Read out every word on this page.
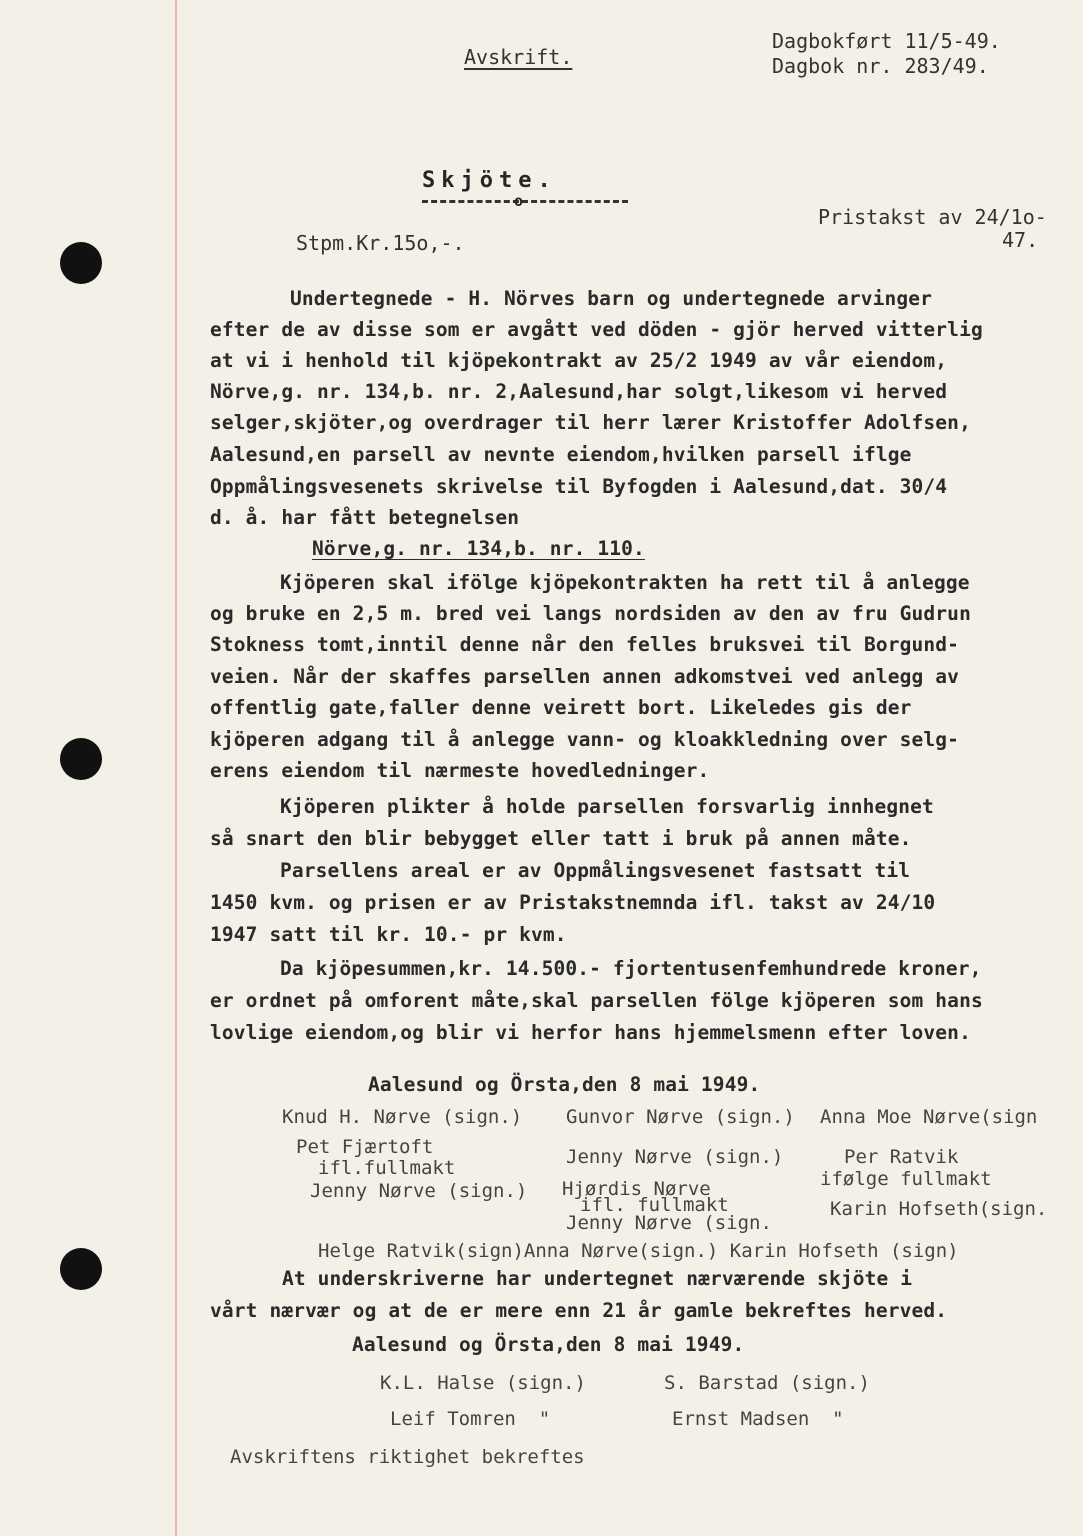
Avskrift.
Dagbokført 11/5-49.
Dagbok nr. 283/49.
Skjöte.
o
Pristakst av 24/1o-
47.
Stpm.Kr.15o,-.
Undertegnede - H. Nörves barn og undertegnede arvinger
efter de av disse som er avgått ved döden - gjör herved vitterlig
at vi i henhold til kjöpekontrakt av 25/2 1949 av vår eiendom,
Nörve,g. nr. 134,b. nr. 2,Aalesund,har solgt,likesom vi herved
selger,skjöter,og overdrager til herr lærer Kristoffer Adolfsen,
Aalesund,en parsell av nevnte eiendom,hvilken parsell iflge
Oppmålingsvesenets skrivelse til Byfogden i Aalesund,dat. 30/4
d. å. har fått betegnelsen
Nörve,g. nr. 134,b. nr. 110.
Kjöperen skal ifölge kjöpekontrakten ha rett til å anlegge
og bruke en 2,5 m. bred vei langs nordsiden av den av fru Gudrun
Stokness tomt,inntil denne når den felles bruksvei til Borgund-
veien. Når der skaffes parsellen annen adkomstvei ved anlegg av
offentlig gate,faller denne veirett bort. Likeledes gis der
kjöperen adgang til å anlegge vann- og kloakkledning over selg-
erens eiendom til nærmeste hovedledninger.
Kjöperen plikter å holde parsellen forsvarlig innhegnet
så snart den blir bebygget eller tatt i bruk på annen måte.
Parsellens areal er av Oppmålingsvesenet fastsatt til
1450 kvm. og prisen er av Pristakstnemnda ifl. takst av 24/10
1947 satt til kr. 10.- pr kvm.
Da kjöpesummen,kr. 14.500.- fjortentusenfemhundrede kroner,
er ordnet på omforent måte,skal parsellen fölge kjöperen som hans
lovlige eiendom,og blir vi herfor hans hjemmelsmenn efter loven.
Aalesund og Örsta,den 8 mai 1949.
Knud H. Nørve (sign.) Gunvor Nørve (sign.) Anna Moe Nørve(sign
Pet Fjærtoft
ifl.fullmakt	Jenny Nørve (sign.)	Per Ratvik
ifølge fullmakt
Jenny Nørve (sign.) Hjørdis Nørve
ifl. fullmakt
Jenny Nørve (sign.
Karin Hofseth(sign.
Helge Ratvik(sign)Anna Nørve(sign.) Karin Hofseth (sign)
At underskriverne har undertegnet nærværende skjöte i
vårt nærvær og at de er mere enn 21 år gamle bekreftes herved.
Aalesund og Örsta,den 8 mai 1949.
K.L. Halse (sign.)	S. Barstad (sign.)
Leif Tomren  "	Ernst Madsen  "
Avskriftens riktighet bekreftes
